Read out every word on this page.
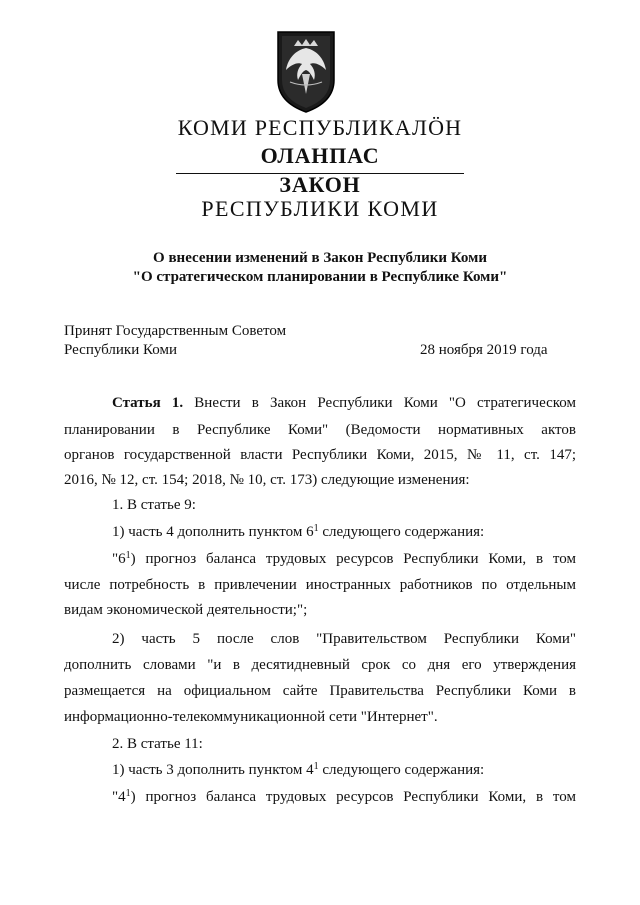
КОМИ РЕСПУБЛИКАЛÖН
ОЛАНПАС
ЗАКОН
РЕСПУБЛИКИ КОМИ
О внесении изменений в Закон Республики Коми
"О стратегическом планировании в Республике Коми"
Принят Государственным Советом
Республики Коми	28 ноября 2019 года
Статья 1. Внести в Закон Республики Коми "О стратегическом
планировании в Республике Коми" (Ведомости нормативных актов
органов государственной власти Республики Коми, 2015, № 11, ст. 147;
2016, № 12, ст. 154; 2018, № 10, ст. 173) следующие изменения:
1. В статье 9:
1) часть 4 дополнить пунктом $6^1$ следующего содержания:
"$6^1$) прогноз баланса трудовых ресурсов Республики Коми, в том
числе потребность в привлечении иностранных работников по отдельным
видам экономической деятельности;";
2) часть 5 после слов "Правительством Республики Коми"
дополнить словами "и в десятидневный срок со дня его утверждения
размещается на официальном сайте Правительства Республики Коми в
информационно-телекоммуникационной сети "Интернет".
2. В статье 11:
1) часть 3 дополнить пунктом $4^1$ следующего содержания:
"$4^1$) прогноз баланса трудовых ресурсов Республики Коми, в том
